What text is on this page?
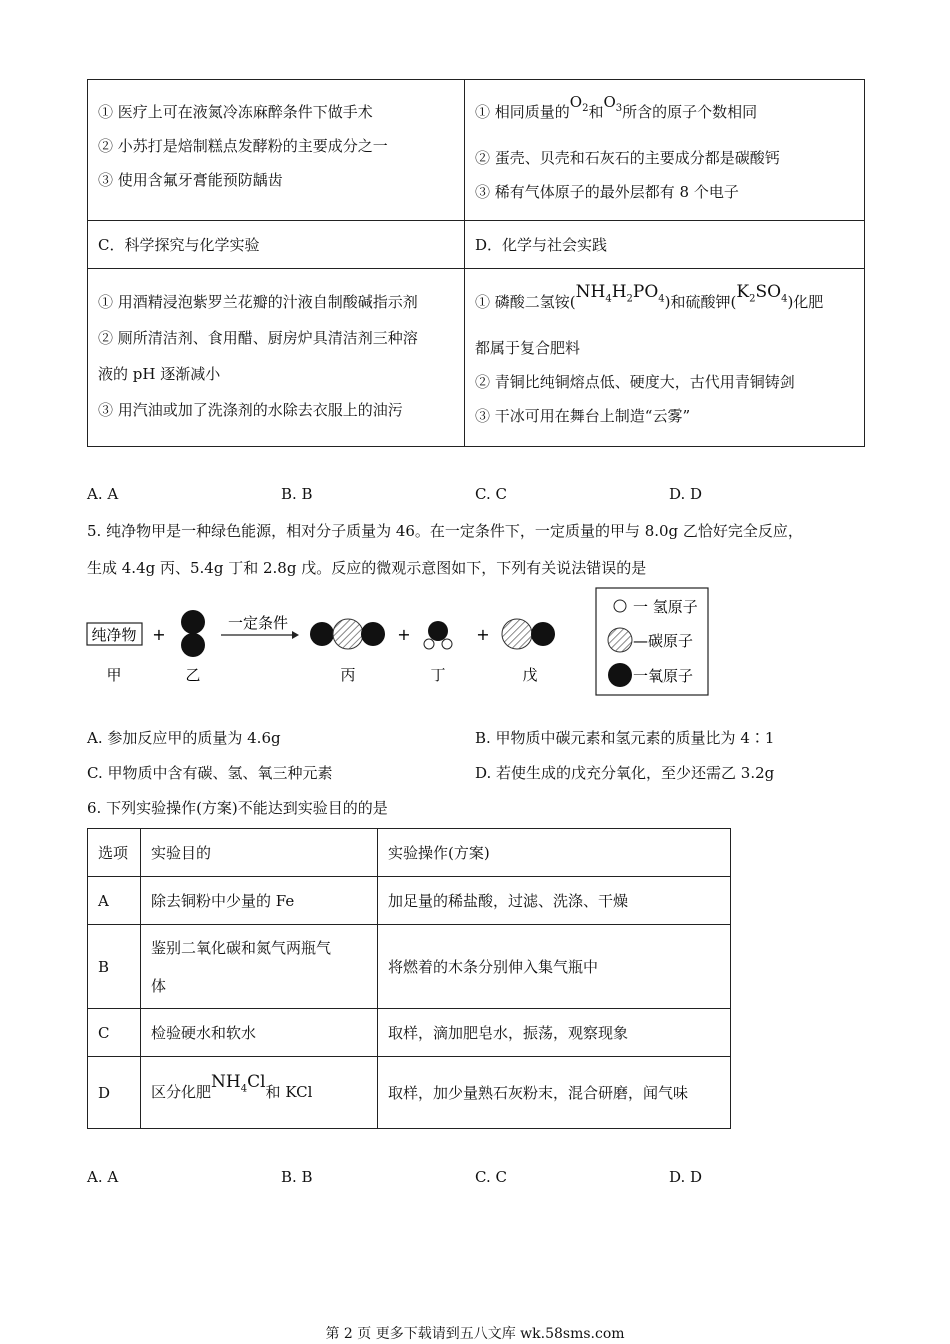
① 医疗上可在液氮冷冻麻醉条件下做手术
② 小苏打是焙制糕点发酵粉的主要成分之一
③ 使用含氟牙膏能预防龋齿	① 相同质量的$O_2$和$O_3$所含的原子个数相同
② 蛋壳、贝壳和石灰石的主要成分都是碳酸钙
③ 稀有气体原子的最外层都有 8 个电子

C．科学探究与化学实验	D．化学与社会实践

① 用酒精浸泡紫罗兰花瓣的汁液自制酸碱指示剂
② 厕所清洁剂、食用醋、厨房炉具清洁剂三种溶
液的 pH 逐渐减小
③ 用汽油或加了洗涤剂的水除去衣服上的油污	① 磷酸二氢铵$(NH_4H_2PO_4)$和硫酸钾$(K_2SO_4)$化肥
都属于复合肥料
② 青铜比纯铜熔点低、硬度大，古代用青铜铸剑
③ 干冰可用在舞台上制造“云雾”
A. A	B. B	C. C	D. D
5. 纯净物甲是一种绿色能源，相对分子质量为 46。在一定条件下，一定质量的甲与 8.0g 乙恰好完全反应，
生成 4.4g 丙、5.4g 丁和 2.8g 戊。反应的微观示意图如下，下列有关说法错误的是
纯净物 +
一定条件
+	+
甲	乙	丙	丁	戊
一 氢原子
—碳原子
一氧原子
A. 参加反应甲的质量为 4.6g	B. 甲物质中碳元素和氢元素的质量比为 4∶1
C. 甲物质中含有碳、氢、氧三种元素	D. 若使生成的戊充分氧化，至少还需乙 3.2g
6. 下列实验操作(方案)不能达到实验目的的是
选项	实验目的	实验操作(方案)
A	除去铜粉中少量的 Fe	加足量的稀盐酸，过滤、洗涤、干燥
B	鉴别二氧化碳和氮气两瓶气
体	将燃着的木条分别伸入集气瓶中
C	检验硬水和软水	取样，滴加肥皂水，振荡，观察现象
D	区分化肥$NH_4Cl$和 KCl	取样，加少量熟石灰粉末，混合研磨，闻气味
A. A	B. B	C. C	D. D
第 2 页 更多下载请到五八文库 wk.58sms.com
